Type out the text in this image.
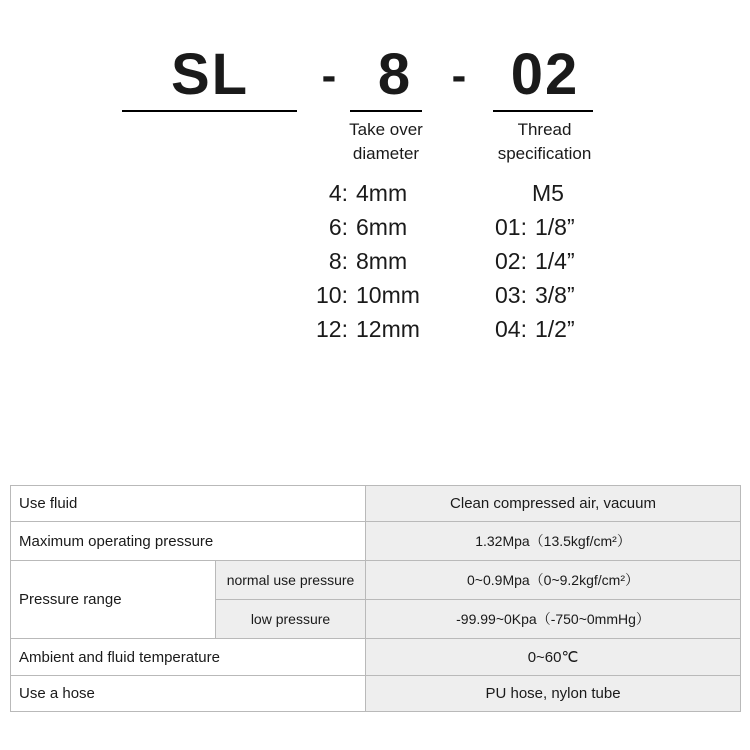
SL	- 8 - 02
Take over
diameter
Thread
specification
4: 4mm
6: 6mm
8: 8mm
10: 10mm
12: 12mm
M5
01: 1/8”
02: 1/4”
03: 3/8”
04: 1/2”
Use fluid		Clean compressed air, vacuum
Maximum operating pressure		1.32Mpa（13.5kgf/cm²）
Pressure range	normal use pressure	0~0.9Mpa（0~9.2kgf/cm²）
	low pressure	-99.99~0Kpa（-750~0mmHg）
Ambient and fluid temperature		0~60℃
Use a hose		PU hose, nylon tube
